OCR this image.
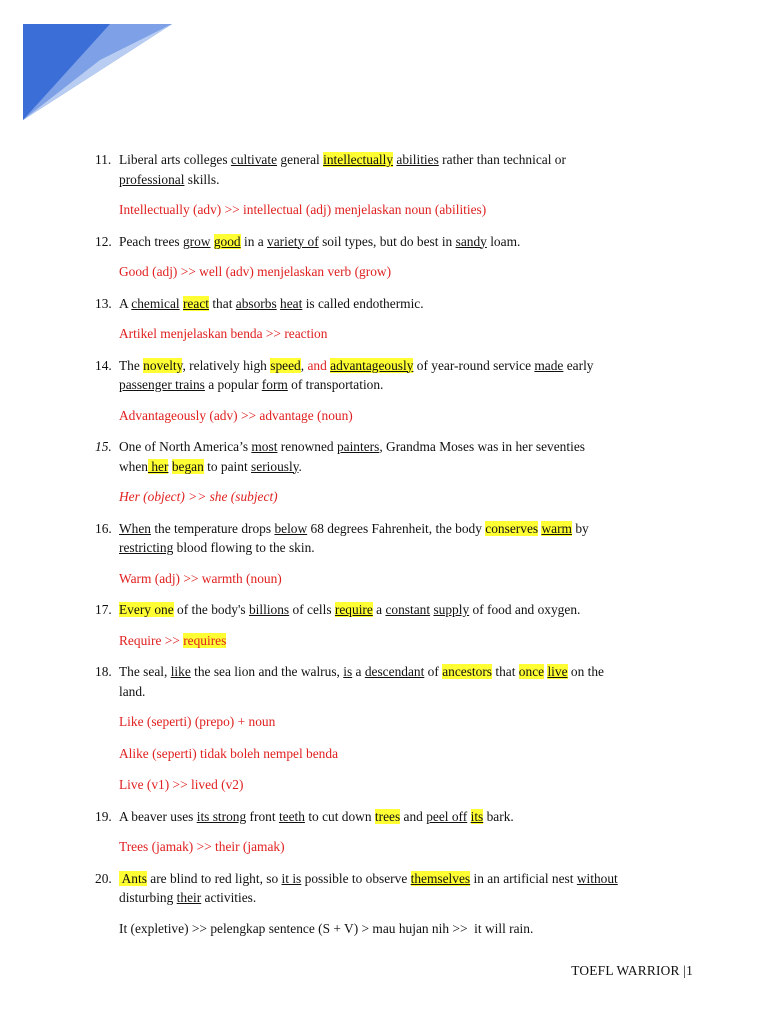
11. Liberal arts colleges cultivate general intellectually abilities rather than technical or
professional skills.
Intellectually (adv) >> intellectual (adj) menjelaskan noun (abilities)
12. Peach trees grow good in a variety of soil types, but do best in sandy loam.
Good (adj) >> well (adv) menjelaskan verb (grow)
13. A chemical react that absorbs heat is called endothermic.
Artikel menjelaskan benda >> reaction
14. The novelty, relatively high speed, and advantageously of year-round service made early
passenger trains a popular form of transportation.
Advantageously (adv) >> advantage (noun)
15. One of North America’s most renowned painters, Grandma Moses was in her seventies
when her began to paint seriously.
Her (object) >> she (subject)
16. When the temperature drops below 68 degrees Fahrenheit, the body conserves warm by
restricting blood flowing to the skin.
Warm (adj) >> warmth (noun)
17. Every one of the body's billions of cells require a constant supply of food and oxygen.
Require >> requires
18. The seal, like the sea lion and the walrus, is a descendant of ancestors that once live on the
land.
Like (seperti) (prepo) + noun
Alike (seperti) tidak boleh nempel benda
Live (v1) >> lived (v2)
19. A beaver uses its strong front teeth to cut down trees and peel off its bark.
Trees (jamak) >> their (jamak)
20. Ants are blind to red light, so it is possible to observe themselves in an artificial nest without
disturbing their activities.
It (expletive) >> pelengkap sentence (S + V) > mau hujan nih >>  it will rain.
TOEFL WARRIOR |1
